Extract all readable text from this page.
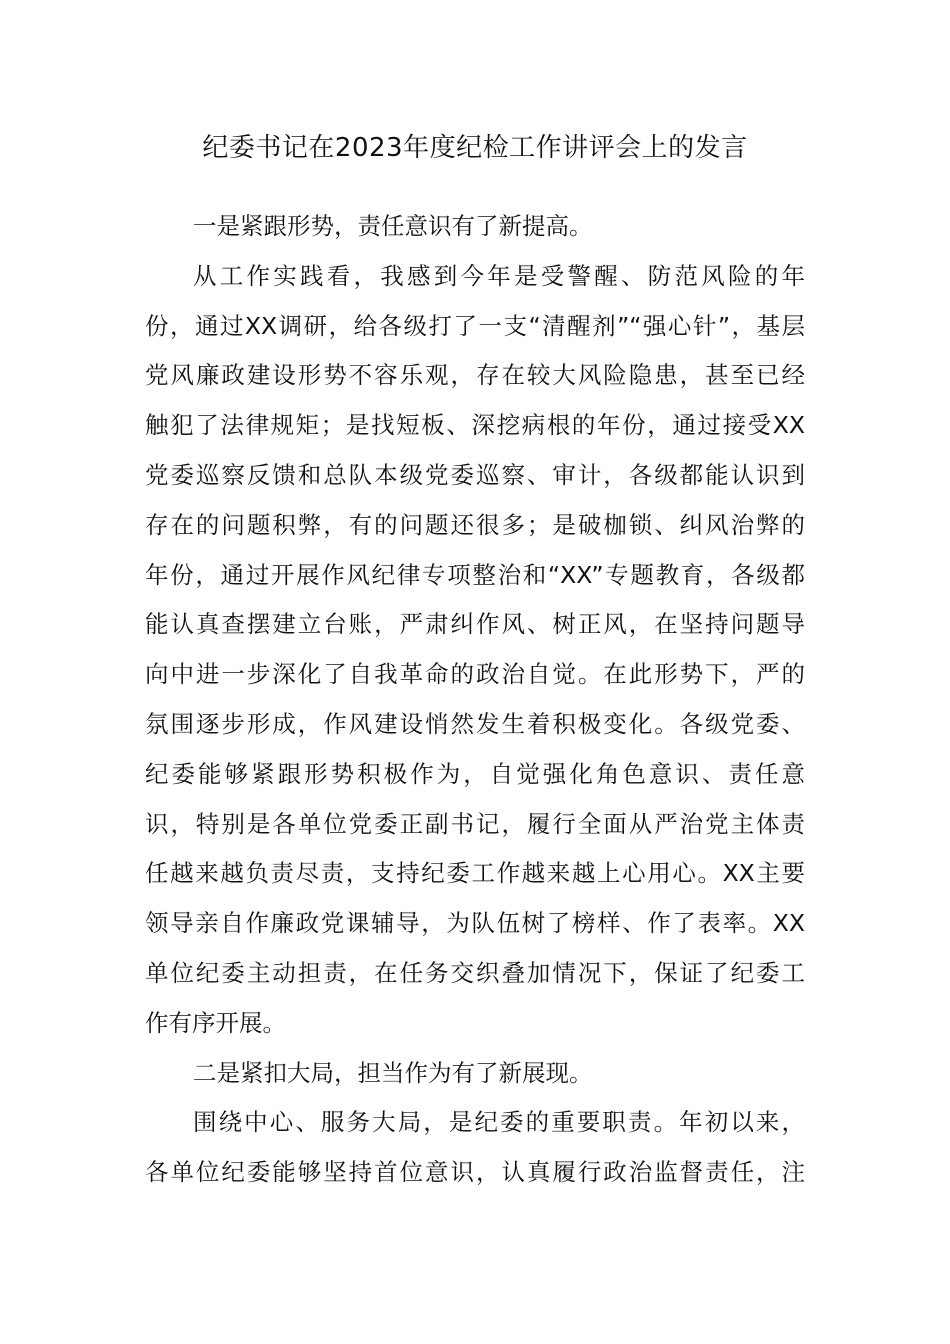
纪委书记在2023年度纪检工作讲评会上的发言
一是紧跟形势，责任意识有了新提高。
从工作实践看，我感到今年是受警醒、防范风险的年
份，通过XX调研，给各级打了一支“清醒剂”“强心针”，基层
党风廉政建设形势不容乐观，存在较大风险隐患，甚至已经
触犯了法律规矩；是找短板、深挖病根的年份，通过接受XX
党委巡察反馈和总队本级党委巡察、审计，各级都能认识到
存在的问题积弊，有的问题还很多；是破枷锁、纠风治弊的
年份，通过开展作风纪律专项整治和“XX”专题教育，各级都
能认真查摆建立台账，严肃纠作风、树正风，在坚持问题导
向中进一步深化了自我革命的政治自觉。在此形势下，严的
氛围逐步形成，作风建设悄然发生着积极变化。各级党委、
纪委能够紧跟形势积极作为，自觉强化角色意识、责任意
识，特别是各单位党委正副书记，履行全面从严治党主体责
任越来越负责尽责，支持纪委工作越来越上心用心。XX主要
领导亲自作廉政党课辅导，为队伍树了榜样、作了表率。XX
单位纪委主动担责，在任务交织叠加情况下，保证了纪委工
作有序开展。
二是紧扣大局，担当作为有了新展现。
围绕中心、服务大局，是纪委的重要职责。年初以来，
各单位纪委能够坚持首位意识，认真履行政治监督责任，注
